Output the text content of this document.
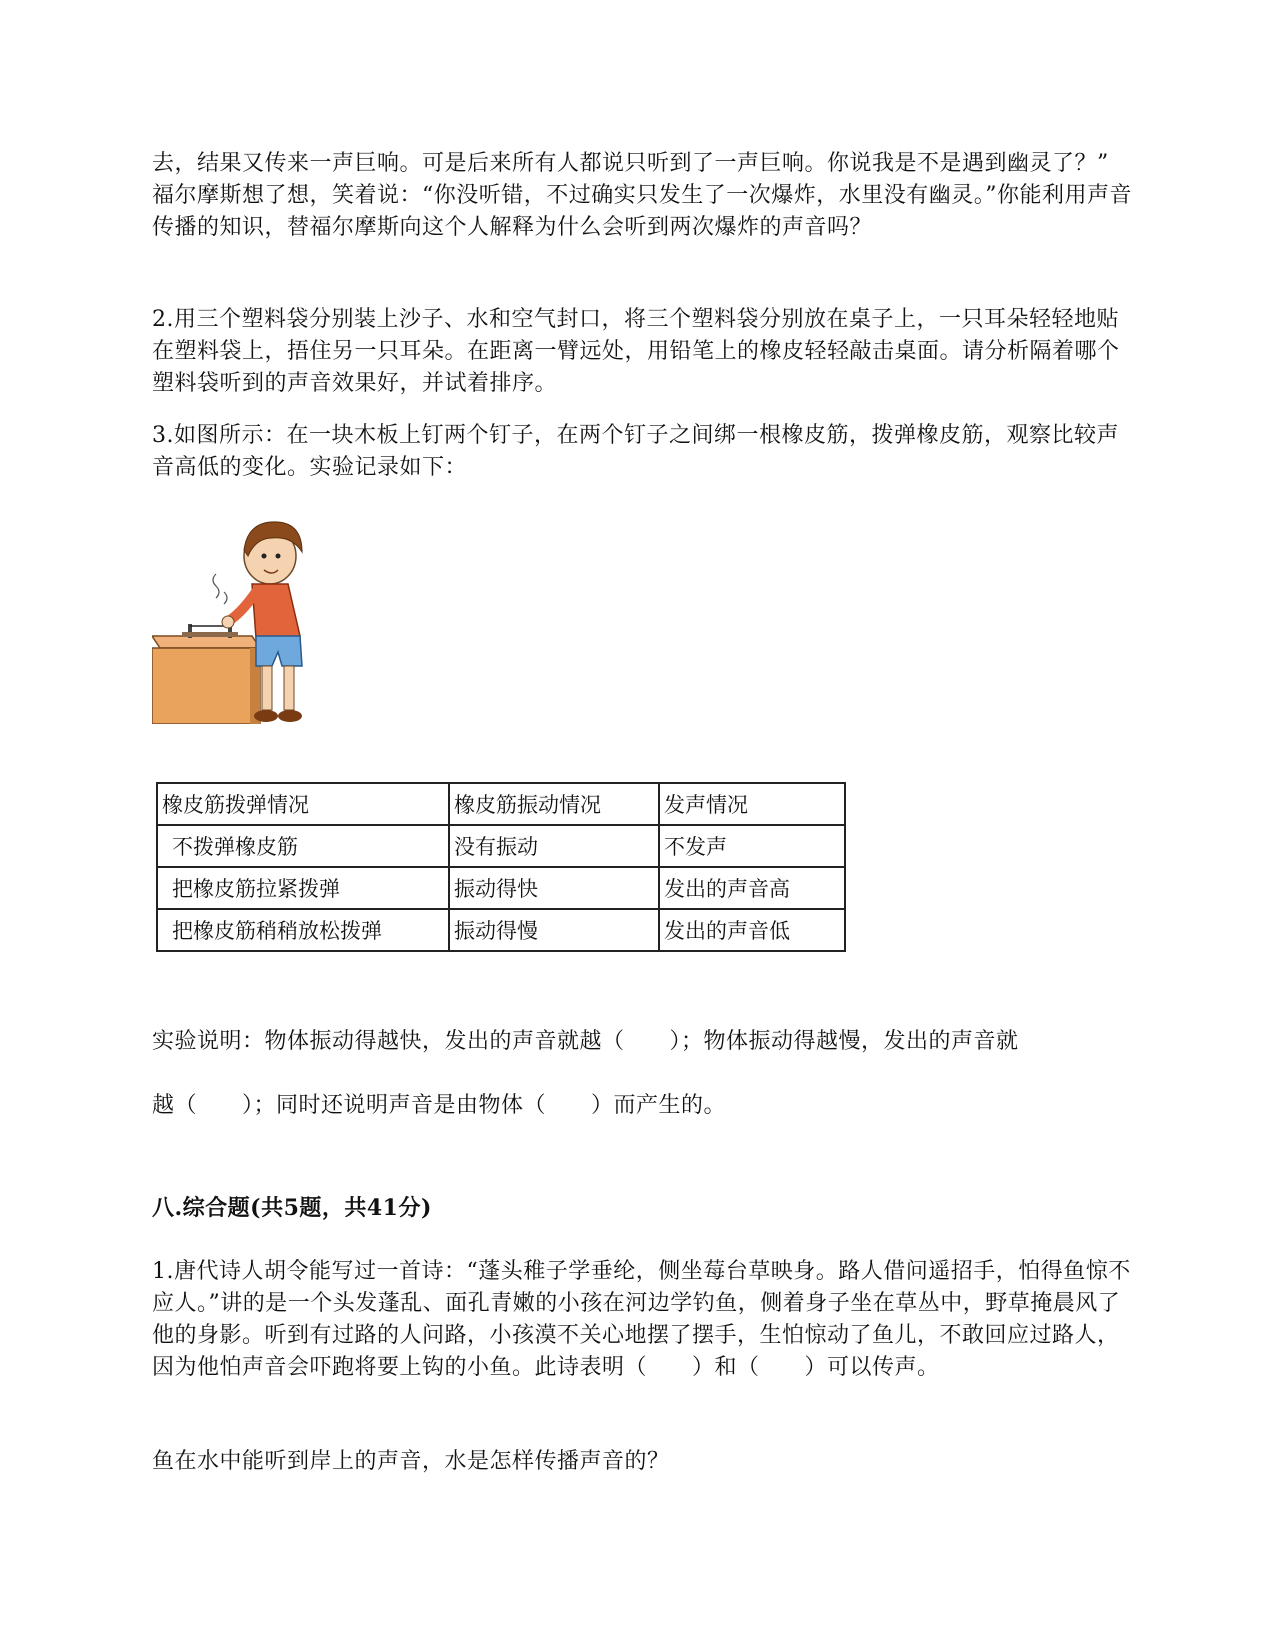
去，结果又传来一声巨响。可是后来所有人都说只听到了一声巨响。你说我是不是遇到幽灵了？” 福尔摩斯想了想，笑着说：“你没听错，不过确实只发生了一次爆炸，水里没有幽灵。”你能利用声音传播的知识，替福尔摩斯向这个人解释为什么会听到两次爆炸的声音吗？
2.用三个塑料袋分别装上沙子、水和空气封口，将三个塑料袋分别放在桌子上，一只耳朵轻轻地贴在塑料袋上，捂住另一只耳朵。在距离一臂远处，用铅笔上的橡皮轻轻敲击桌面。请分析隔着哪个塑料袋听到的声音效果好，并试着排序。
3.如图所示：在一块木板上钉两个钉子，在两个钉子之间绑一根橡皮筋，拨弹橡皮筋，观察比较声音高低的变化。实验记录如下：
橡皮筋拨弹情况	橡皮筋振动情况	发声情况
不拨弹橡皮筋	没有振动	不发声
把橡皮筋拉紧拨弹	振动得快	发出的声音高
把橡皮筋稍稍放松拨弹	振动得慢	发出的声音低
实验说明：物体振动得越快，发出的声音就越（　　）；物体振动得越慢，发出的声音就
越（　　）；同时还说明声音是由物体（　　）而产生的。
八.综合题(共5题，共41分)
1.唐代诗人胡令能写过一首诗：“蓬头稚子学垂纶，侧坐莓台草映身。路人借问遥招手，怕得鱼惊不应人。”讲的是一个头发蓬乱、面孔青嫩的小孩在河边学钓鱼，侧着身子坐在草丛中，野草掩晨风了他的身影。听到有过路的人问路，小孩漠不关心地摆了摆手，生怕惊动了鱼儿，不敢回应过路人，因为他怕声音会吓跑将要上钩的小鱼。此诗表明（　　）和（　　）可以传声。
鱼在水中能听到岸上的声音，水是怎样传播声音的？
